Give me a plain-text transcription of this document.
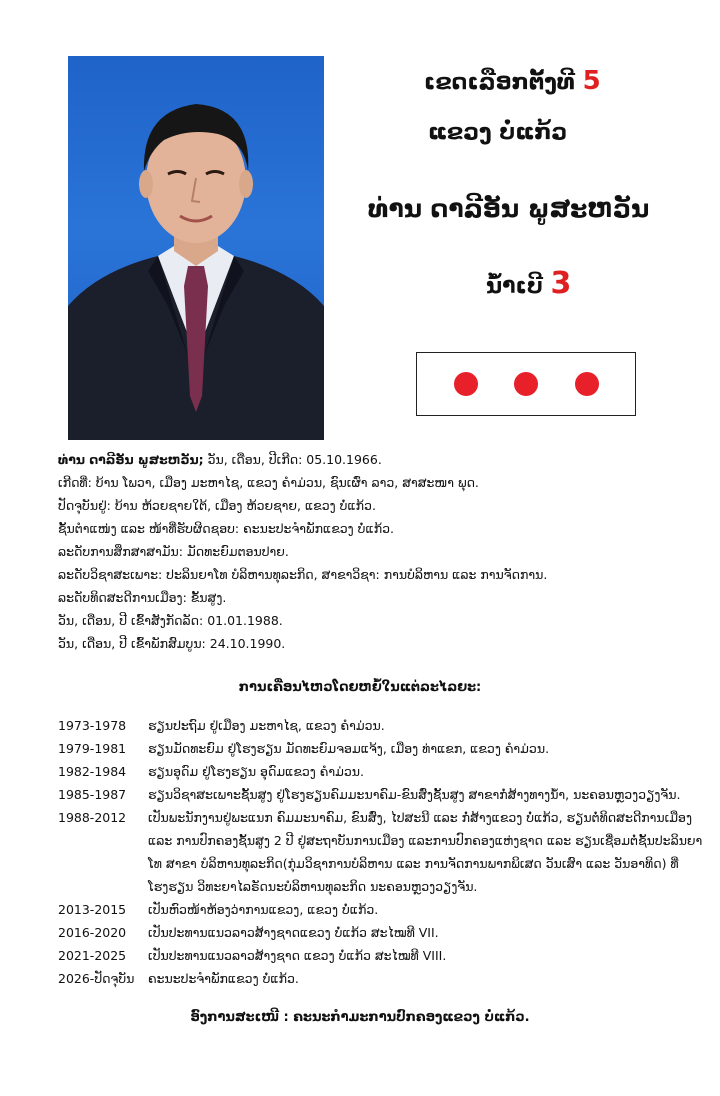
ເຂດເລືອກຕັ້ງທີ 5
ແຂວງ ບໍ່ແກ້ວ
ທ່ານ ດາລີອັນ ພູສະຫວັນ
ນ້ຳເບີ 3
ທ່ານ ດາລີອັນ ພູສະຫວັນ; ວັນ, ເດືອນ, ປີເກີດ: 05.10.1966.
ເກີດທີ່: ບ້ານ ໂພວາ, ເມືອງ ມະຫາໄຊ, ແຂວງ ຄຳມ່ວນ, ຊົນເຜົ່າ ລາວ, ສາສະໜາ ພຸດ.
ປັດຈຸບັນຢູ່: ບ້ານ ຫ້ວຍຊາຍໃຕ້, ເມືອງ ຫ້ວຍຊາຍ, ແຂວງ ບໍ່ແກ້ວ.
ຊັ້ນຕຳແໜ່ງ ແລະ ໜ້າທີ່ຮັບຜິດຊອບ: ຄະນະປະຈຳພັກແຂວງ ບໍ່ແກ້ວ.
ລະດັບການສຶກສາສາມັນ: ມັດທະຍົມຕອນປາຍ.
ລະດັບວິຊາສະເພາະ: ປະລິນຍາໂທ ບໍລິຫານທຸລະກິດ, ສາຂາວິຊາ: ການບໍລິຫານ ແລະ ການຈັດການ.
ລະດັບທິດສະດີການເມືອງ: ຂັ້ນສູງ.
ວັນ, ເດືອນ, ປີ ເຂົ້າສັງກັດລັດ: 01.01.1988.
ວັນ, ເດືອນ, ປີ ເຂົ້າພັກສົມບູນ: 24.10.1990.
ການເຄື່ອນໄຫວໂດຍຫຍໍ້ໃນແຕ່ລະໄລຍະ:
1973-1978	ຮຽນປະຖົມ ຢູ່ເມືອງ ມະຫາໄຊ, ແຂວງ ຄຳມ່ວນ.
1979-1981	ຮຽນມັດທະຍົມ ຢູ່ໂຮງຮຽນ ມັດທະຍົມຈອມແຈ້ງ, ເມືອງ ທ່າແຂກ, ແຂວງ ຄຳມ່ວນ.
1982-1984	ຮຽນອຸດົມ ຢູ່ໂຮງຮຽນ ອຸດົມແຂວງ ຄຳມ່ວນ.
1985-1987	ຮຽນວິຊາສະເພາະຊັ້ນສູງ ຢູ່ໂຮງຮຽນຄົມມະນາຄົມ-ຂົນສົ່ງຊັ້ນສູງ ສາຂາກໍ່ສ້າງທາງນ້ຳ, ນະຄອນຫຼວງວຽງຈັນ.
1988-2012	ເປັນພະນັກງານຢູ່ພະແນກ ຄົມມະນາຄົມ, ຂົນສົ່ງ, ໄປສະນີ ແລະ ກໍ່ສ້າງແຂວງ ບໍ່ແກ້ວ, ຮຽນຕໍ່ທິດສະດີການເມືອງ ແລະ ການປົກຄອງຊັ້ນສູງ 2 ປີ ຢູ່ສະຖາບັນການເມືອງ ແລະການປົກຄອງແຫ່ງຊາດ ແລະ ຮຽນເຊື່ອມຕໍ່ຊັ້ນປະລິນຍາໂທ ສາຂາ ບໍລິຫານທຸລະກິດ(ກຸ່ມວິຊາການບໍລິຫານ ແລະ ການຈັດການພາກພິເສດ ວັນເສົາ ແລະ ວັນອາທິດ) ທີ່ໂຮງຮຽນ ວິທະຍາໄລຣັດນະບໍລິຫານທຸລະກິດ ນະຄອນຫຼວງວຽງຈັນ.
2013-2015	ເປັນຫົວໜ້າຫ້ອງວ່າການແຂວງ, ແຂວງ ບໍ່ແກ້ວ.
2016-2020	ເປັນປະທານແນວລາວສ້າງຊາດແຂວງ ບໍ່ແກ້ວ ສະໄໝທີ VII.
2021-2025	ເປັນປະທານແນວລາວສ້າງຊາດ ແຂວງ ບໍ່ແກ້ວ ສະໄໝທີ VIII.
2026-ປັດຈຸບັນ	ຄະນະປະຈຳພັກແຂວງ ບໍ່ແກ້ວ.
ອົງການສະເໜີ : ຄະນະກຳມະການປົກຄອງແຂວງ ບໍ່ແກ້ວ.
